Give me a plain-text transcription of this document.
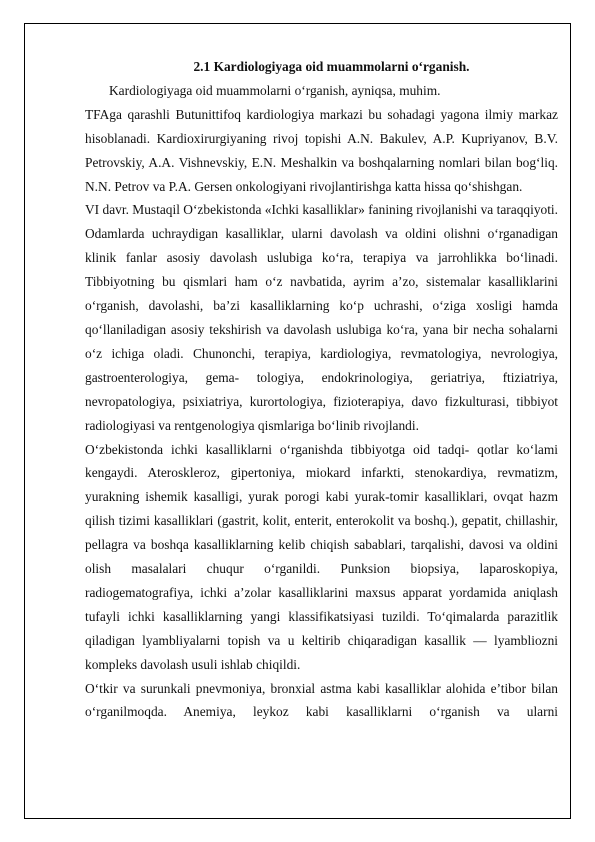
2.1 Kardiologiyaga oid muammolarni o‘rganish.

Kardiologiyaga oid muammolarni o‘rganish, ayniqsa, muhim.

TFAga qarashli Butunittifoq kardiologiya markazi bu sohadagi yagona ilmiy markaz hisoblanadi. Kardioxirurgiyaning rivoj topishi A.N. Bakulev, A.P. Kupriyanov, B.V. Petrovskiy, A.A. Vishnevskiy, E.N. Meshalkin va boshqalarning nomlari bilan bog‘liq. N.N. Petrov va P.A. Gersen onkologiyani rivojlantirishga katta hissa qo‘shishgan.

VI davr. Mustaqil O‘zbekistonda «Ichki kasalliklar» fanining rivojlanishi va taraqqiyoti. Odamlarda uchraydigan kasalliklar, ularni davolash va oldini olishni o‘rganadigan klinik fanlar asosiy davolash uslubiga ko‘ra, terapiya va jarrohlikka bo‘linadi. Tibbiyotning bu qismlari ham o‘z navbatida, ayrim a’zo, sistemalar kasalliklarini o‘rganish, davolashi, ba’zi kasalliklarning ko‘p uchrashi, o‘ziga xosligi hamda qo‘llaniladigan asosiy tekshirish va davolash uslubiga ko‘ra, yana bir necha sohalarni o‘z ichiga oladi. Chunonchi, terapiya, kardiologiya, revmatologiya, nevrologiya, gastroenterologiya, gema- tologiya, endokrinologiya, geriatriya, ftiziatriya, nevropatologiya, psixiatriya, kurortologiya, fizioterapiya, davo fizkulturasi, tibbiyot radiologiyasi va rentgenologiya qismlariga bo‘linib rivojlandi.

O‘zbekistonda ichki kasalliklarni o‘rganishda tibbiyotga oid tadqi- qotlar ko‘lami kengaydi. Ateroskleroz, gipertoniya, miokard infarkti, stenokardiya, revmatizm, yurakning ishemik kasalligi, yurak porogi kabi yurak-tomir kasalliklari, ovqat hazm qilish tizimi kasalliklari (gastrit, kolit, enterit, enterokolit va boshq.), gepatit, chillashir, pellagra va boshqa kasalliklarning kelib chiqish sabablari, tarqalishi, davosi va oldini olish masalalari chuqur o‘rganildi. Punksion biopsiya, laparoskopiya, radiogematografiya, ichki a’zolar kasalliklarini maxsus apparat yordamida aniqlash tufayli ichki kasalliklarning yangi klassifikatsiyasi tuzildi. To‘qimalarda parazitlik qiladigan lyambliyalarni topish va u keltirib chiqaradigan kasallik — lyambliozni kompleks davolash usuli ishlab chiqildi.

O‘tkir va surunkali pnevmoniya, bronxial astma kabi kasalliklar alohida e’tibor bilan o‘rganilmoqda. Anemiya, leykoz kabi kasalliklarni o‘rganish va ularni
